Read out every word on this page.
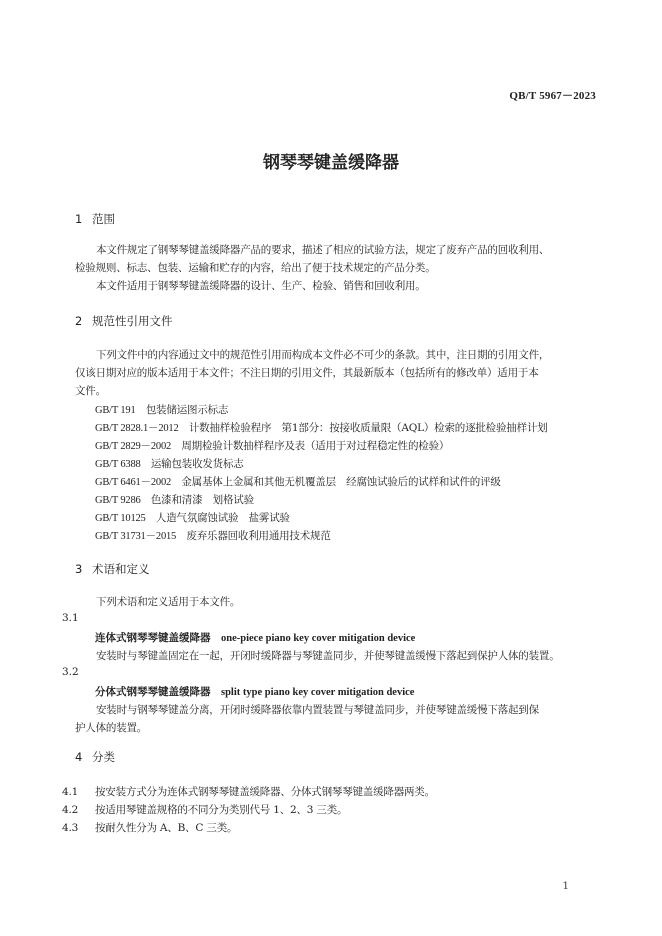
QB/T 5967－2023
钢琴琴键盖缓降器
1 范围
本文件规定了钢琴琴键盖缓降器产品的要求，描述了相应的试验方法，规定了废弃产品的回收利用、
检验规则、标志、包装、运输和贮存的内容，给出了便于技术规定的产品分类。
本文件适用于钢琴琴键盖缓降器的设计、生产、检验、销售和回收利用。
2 规范性引用文件
下列文件中的内容通过文中的规范性引用而构成本文件必不可少的条款。其中，注日期的引用文件，
仅该日期对应的版本适用于本文件；不注日期的引用文件，其最新版本（包括所有的修改单）适用于本
文件。
GB/T 191　 包装储运图示标志
GB/T 2828.1－2012　 计数抽样检验程序　第1部分：按接收质量限（AQL）检索的逐批检验抽样计划
GB/T 2829－2002　 周期检验计数抽样程序及表（适用于对过程稳定性的检验）
GB/T 6388　 运输包装收发货标志
GB/T 6461－2002　 金属基体上金属和其他无机覆盖层　经腐蚀试验后的试样和试件的评级
GB/T 9286　 色漆和清漆　划格试验
GB/T 10125　 人造气氛腐蚀试验　盐雾试验
GB/T 31731－2015　 废弃乐器回收利用通用技术规范
3 术语和定义
下列术语和定义适用于本文件。
3.1
连体式钢琴琴键盖缓降器　 one-piece piano key cover mitigation device
安装时与琴键盖固定在一起，开闭时缓降器与琴键盖同步，并使琴键盖缓慢下落起到保护人体的装置。
3.2
分体式钢琴琴键盖缓降器　 split type piano key cover mitigation device
安装时与钢琴琴键盖分离，开闭时缓降器依靠内置装置与琴键盖同步，并使琴键盖缓慢下落起到保
护人体的装置。
4 分类
4.1 按安装方式分为连体式钢琴琴键盖缓降器、分体式钢琴琴键盖缓降器两类。
4.2 按适用琴键盖规格的不同分为类别代号 1、2、3 三类。
4.3 按耐久性分为 A、B、C 三类。
1
